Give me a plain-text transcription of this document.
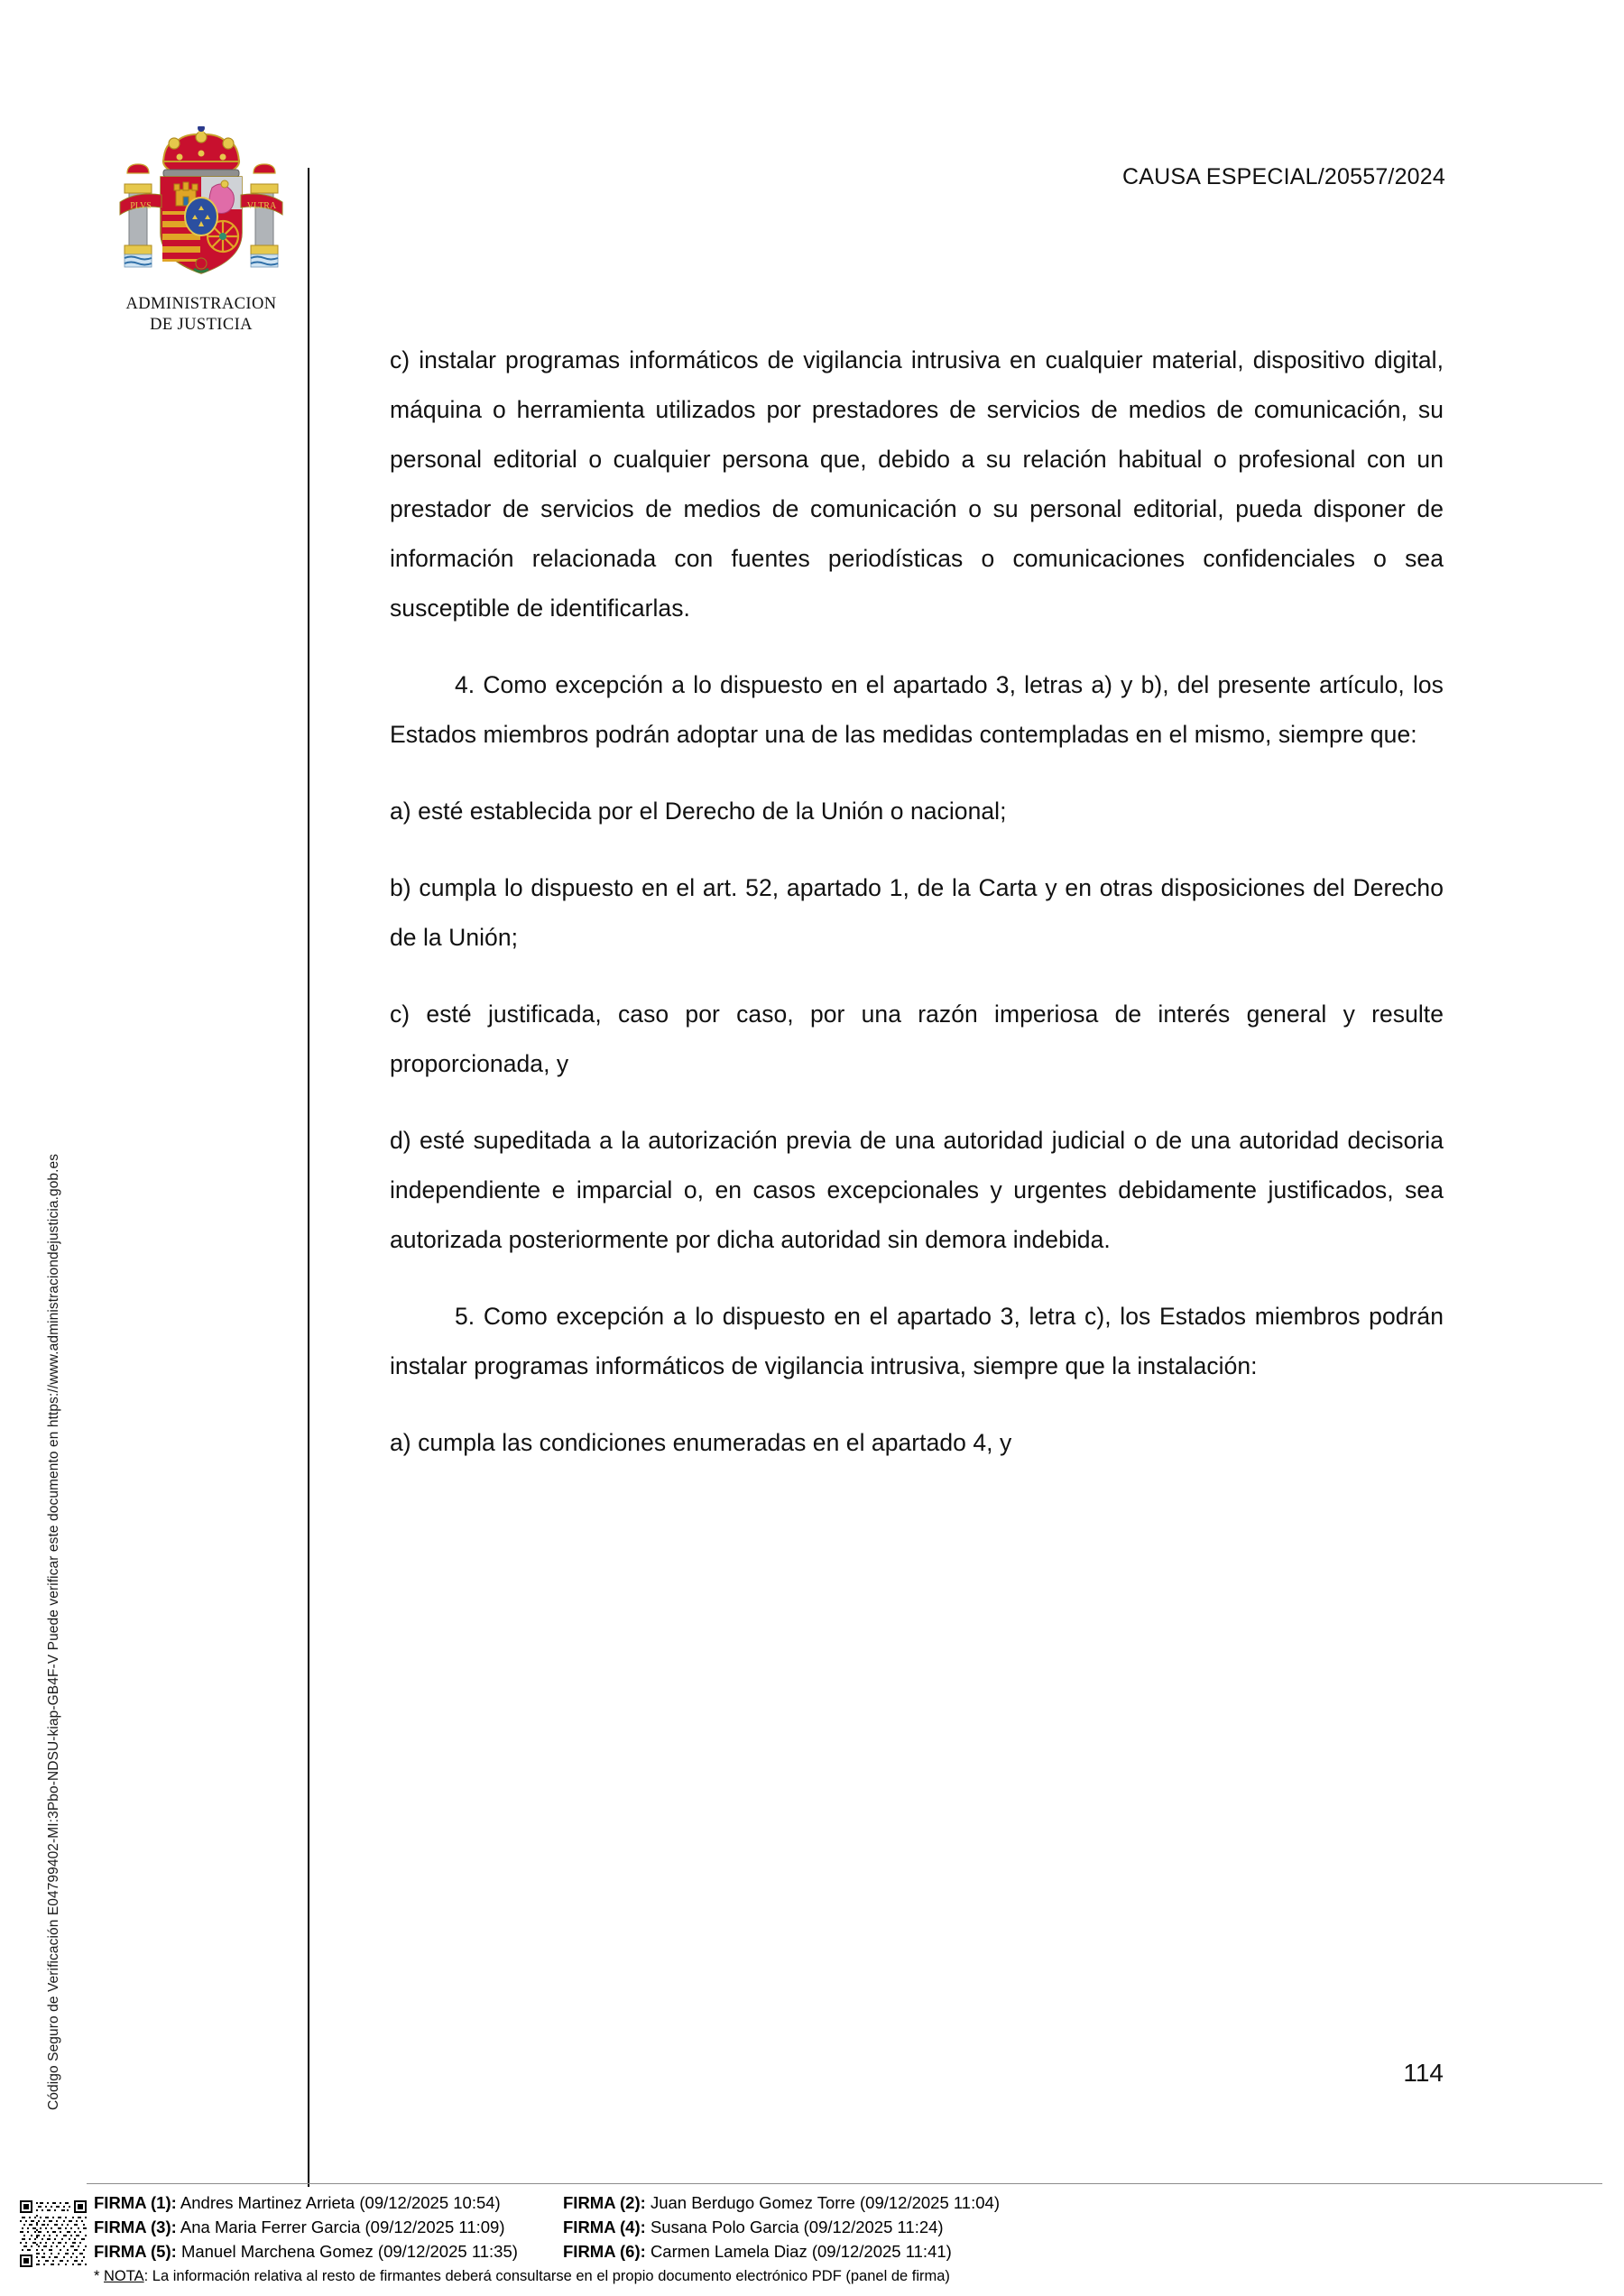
Código Seguro de Verificación E04799402-MI:3Pbo-NDSU-kiap-GB4F-V Puede verificar este documento en https://www.administraciondejusticia.gob.es
PLVS	VLTRA
ADMINISTRACION
DE JUSTICIA
CAUSA ESPECIAL/20557/2024

c) instalar programas informáticos de vigilancia intrusiva en cualquier material, dispositivo digital, máquina o herramienta utilizados por prestadores de servicios de medios de comunicación, su personal editorial o cualquier persona que, debido a su relación habitual o profesional con un prestador de servicios de medios de comunicación o su personal editorial, pueda disponer de información relacionada con fuentes periodísticas o comunicaciones confidenciales o sea susceptible de identificarlas.

4. Como excepción a lo dispuesto en el apartado 3, letras a) y b), del presente artículo, los Estados miembros podrán adoptar una de las medidas contempladas en el mismo, siempre que:

a) esté establecida por el Derecho de la Unión o nacional;

b) cumpla lo dispuesto en el art. 52, apartado 1, de la Carta y en otras disposiciones del Derecho de la Unión;

c) esté justificada, caso por caso, por una razón imperiosa de interés general y resulte proporcionada, y

d) esté supeditada a la autorización previa de una autoridad judicial o de una autoridad decisoria independiente e imparcial o, en casos excepcionales y urgentes debidamente justificados, sea autorizada posteriormente por dicha autoridad sin demora indebida.

5. Como excepción a lo dispuesto en el apartado 3, letra c), los Estados miembros podrán instalar programas informáticos de vigilancia intrusiva, siempre que la instalación:

a) cumpla las condiciones enumeradas en el apartado 4, y

114
FIRMA (1): Andres Martinez Arrieta (09/12/2025 10:54)	FIRMA (2): Juan Berdugo Gomez Torre (09/12/2025 11:04)
FIRMA (3): Ana Maria Ferrer Garcia (09/12/2025 11:09)	FIRMA (4): Susana Polo Garcia (09/12/2025 11:24)
FIRMA (5): Manuel Marchena Gomez (09/12/2025 11:35)	FIRMA (6): Carmen Lamela Diaz (09/12/2025 11:41)
* NOTA: La información relativa al resto de firmantes deberá consultarse en el propio documento electrónico PDF (panel de firma)
